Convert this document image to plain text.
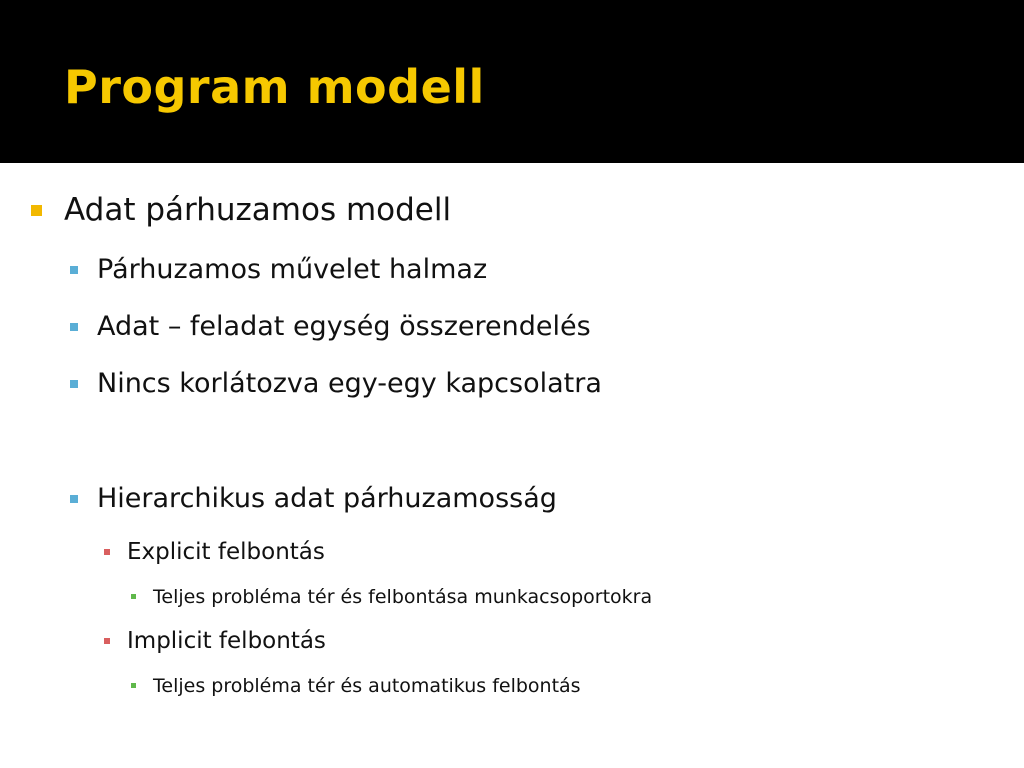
Program modell
Adat párhuzamos modell
Párhuzamos művelet halmaz
Adat – feladat egység összerendelés
Nincs korlátozva egy-egy kapcsolatra
Hierarchikus adat párhuzamosság
Explicit felbontás
Teljes probléma tér és felbontása munkacsoportokra
Implicit felbontás
Teljes probléma tér és automatikus felbontás
